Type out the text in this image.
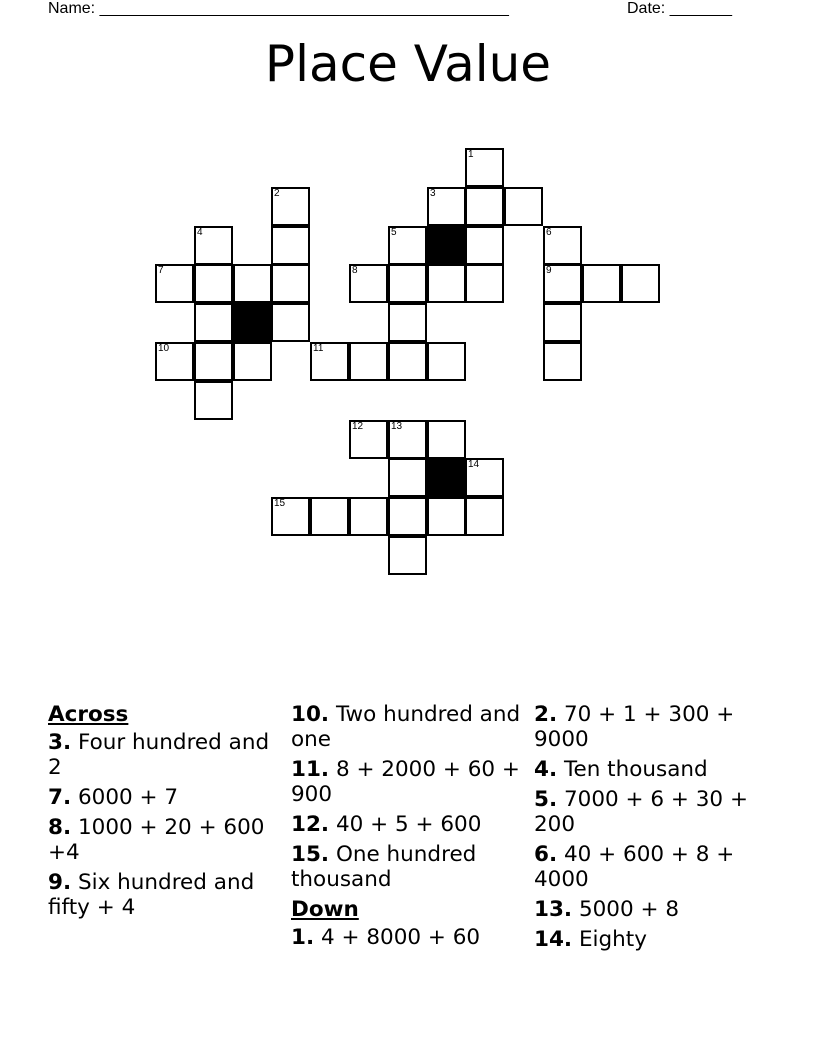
Name: ______________________________________________	Date: _______
Place Value
1
2	3
4	5	6
7	8	9
10	11
12	13
14
15

Across

3. Four hundred and 2

7. 6000 + 7

8. 1000 + 20 + 600 +4

9. Six hundred and fifty + 4

10. Two hundred and one

11. 8 + 2000 + 60 + 900

12. 40 + 5 + 600

15. One hundred thousand

Down

1. 4 + 8000 + 60

2. 70 + 1 + 300 + 9000

4. Ten thousand

5. 7000 + 6 + 30 + 200

6. 40 + 600 + 8 + 4000

13. 5000 + 8

14. Eighty
